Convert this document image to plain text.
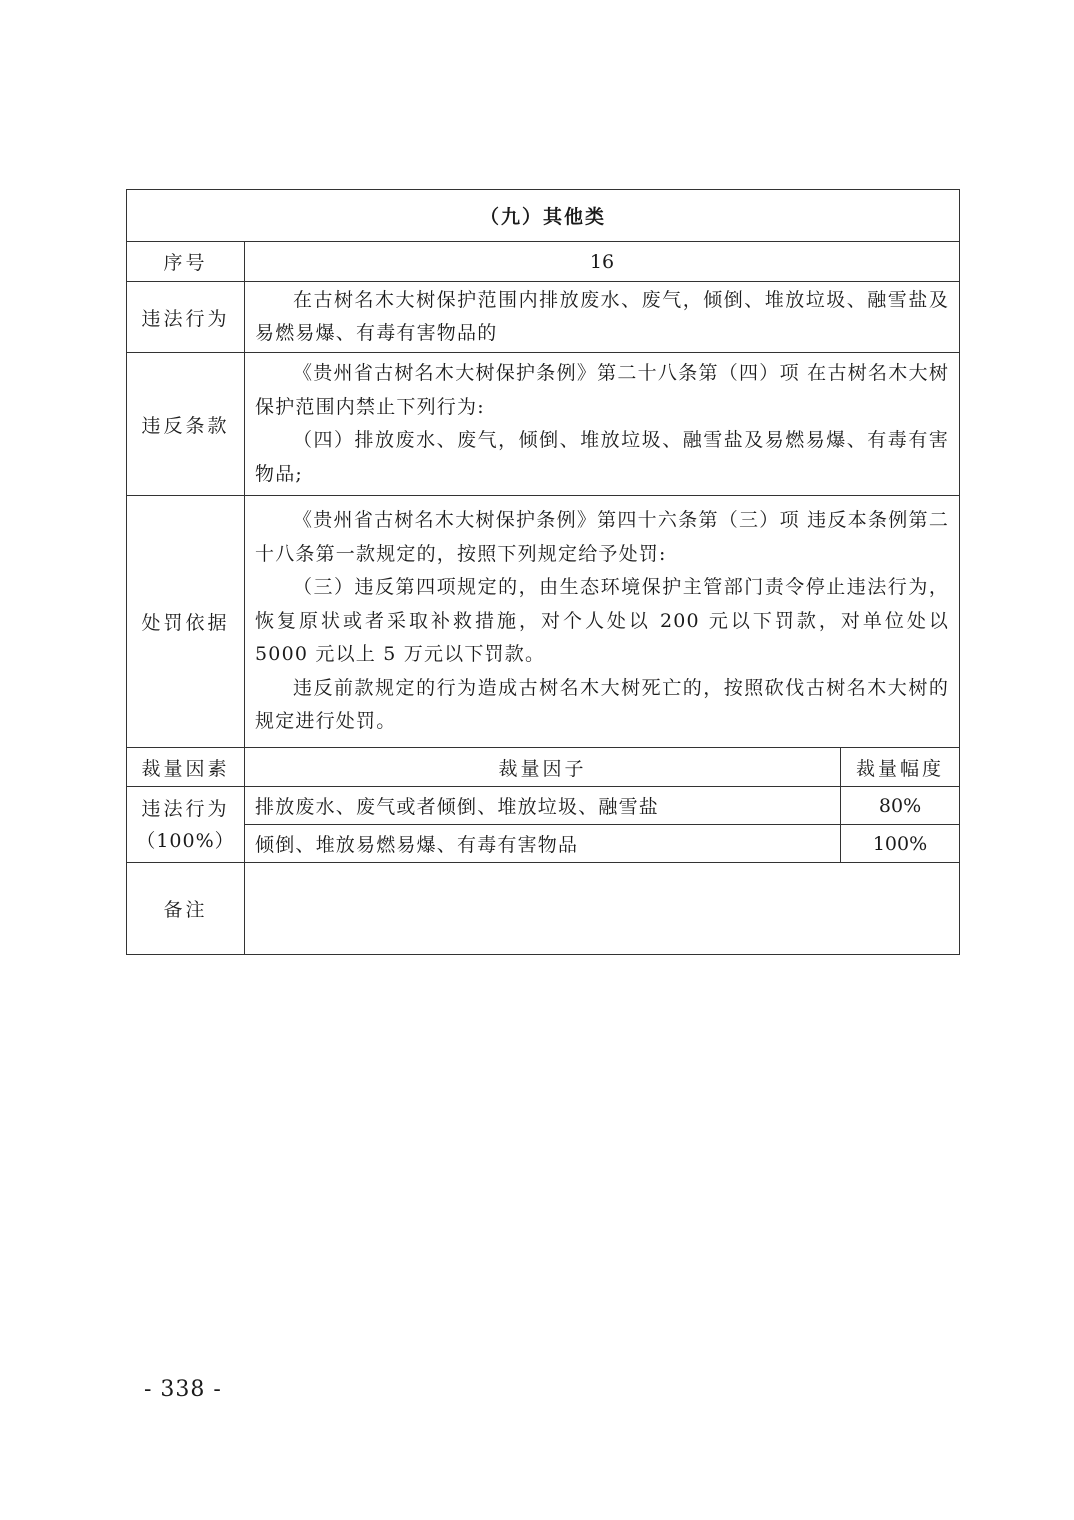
（九）其他类		
序号	16	
违法行为	在古树名木大树保护范围内排放废水、废气，倾倒、堆放垃圾、融雪盐及易燃易爆、有毒有害物品的	

违反条款	《贵州省古树名木大树保护条例》第二十八条第（四）项 在古树名木大树保护范围内禁止下列行为:

（四）排放废水、废气，倾倒、堆放垃圾、融雪盐及易燃易爆、有毒有害物品;	

处罚依据	《贵州省古树名木大树保护条例》第四十六条第（三）项 违反本条例第二十八条第一款规定的，按照下列规定给予处罚:

（三）违反第四项规定的，由生态环境保护主管部门责令停止违法行为，恢复原状或者采取补救措施，对个人处以 200 元以下罚款，对单位处以 5000 元以上 5 万元以下罚款。

违反前款规定的行为造成古树名木大树死亡的，按照砍伐古树名木大树的规定进行处罚。	

裁量因素	裁量因子	裁量幅度

违法行为
（100%）	排放废水、废气或者倾倒、堆放垃圾、融雪盐	80%
	倾倒、堆放易燃易爆、有毒有害物品	100%
备注		
- 338 -
